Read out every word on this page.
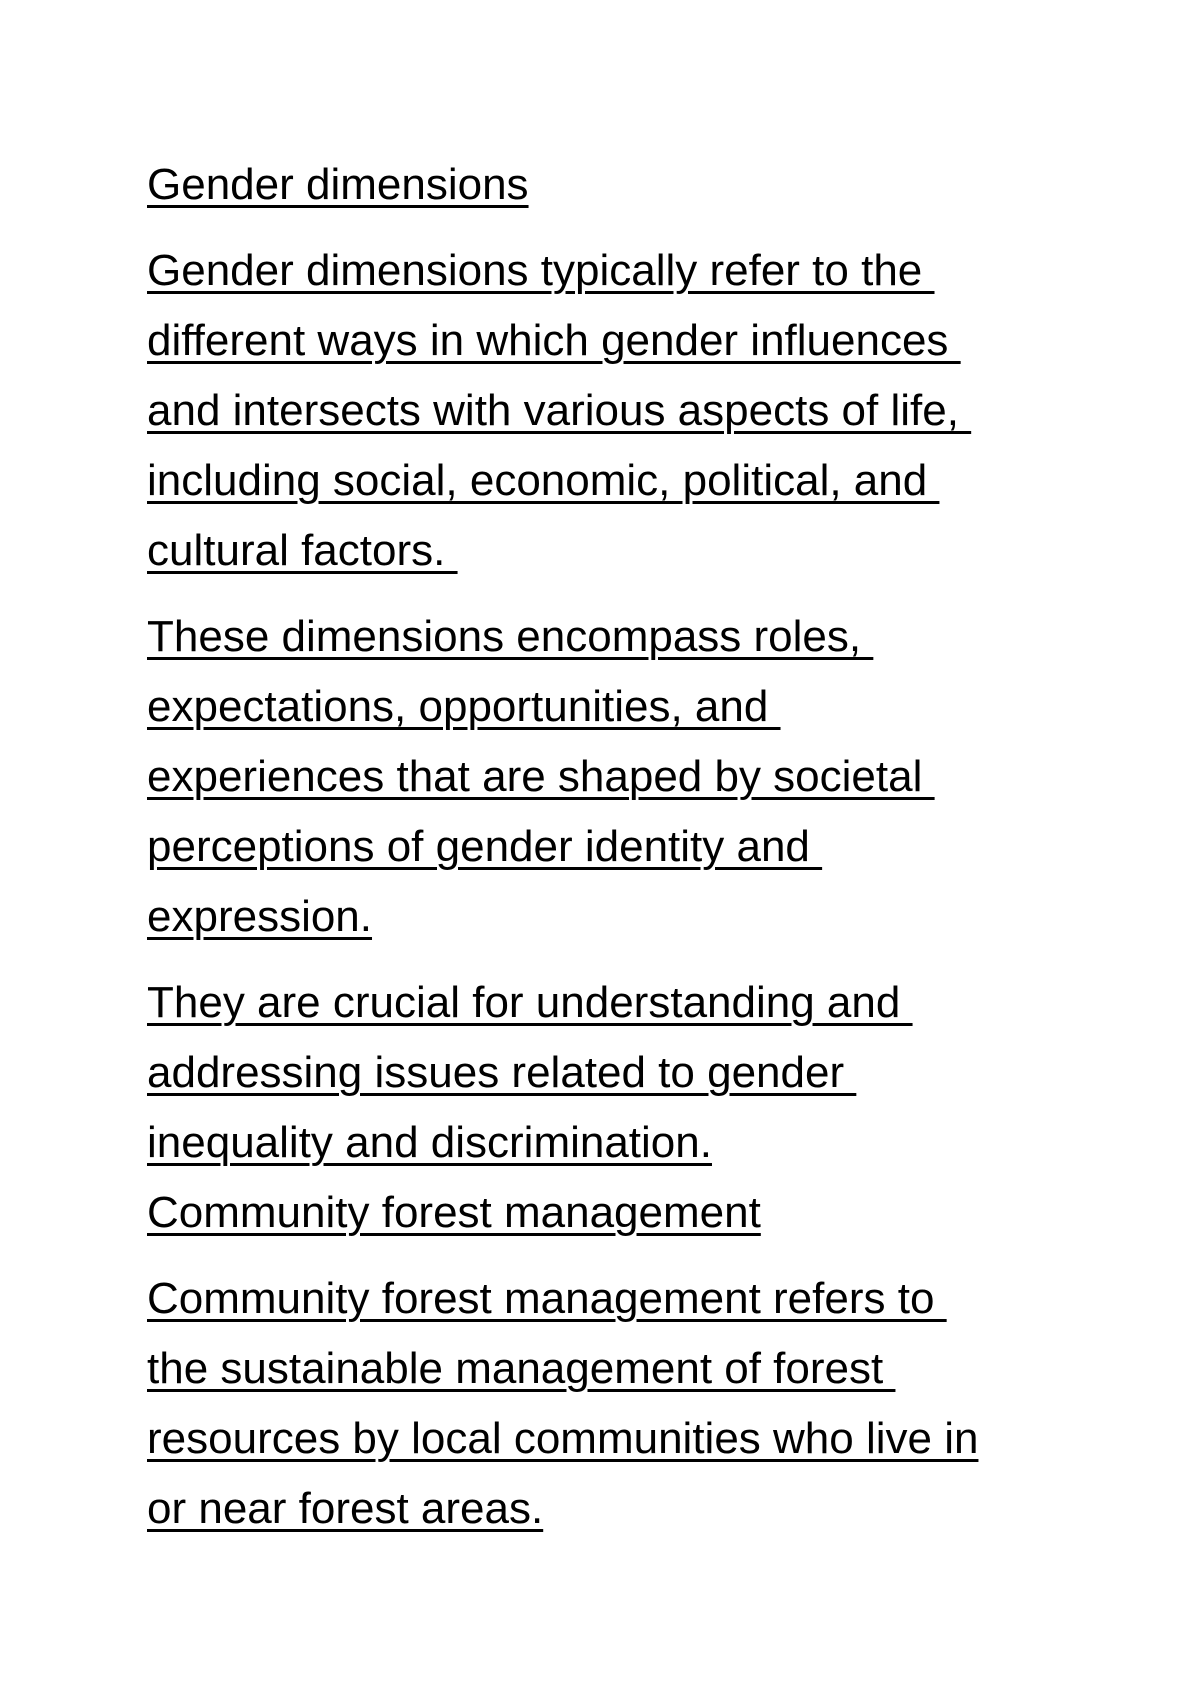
Gender dimensions
Gender dimensions typically refer to the
different ways in which gender influences
and intersects with various aspects of life,
including social, economic, political, and
cultural factors.
These dimensions encompass roles,
expectations, opportunities, and
experiences that are shaped by societal
perceptions of gender identity and
expression.
They are crucial for understanding and
addressing issues related to gender
inequality and discrimination.
Community forest management
Community forest management refers to
the sustainable management of forest
resources by local communities who live in
or near forest areas.
